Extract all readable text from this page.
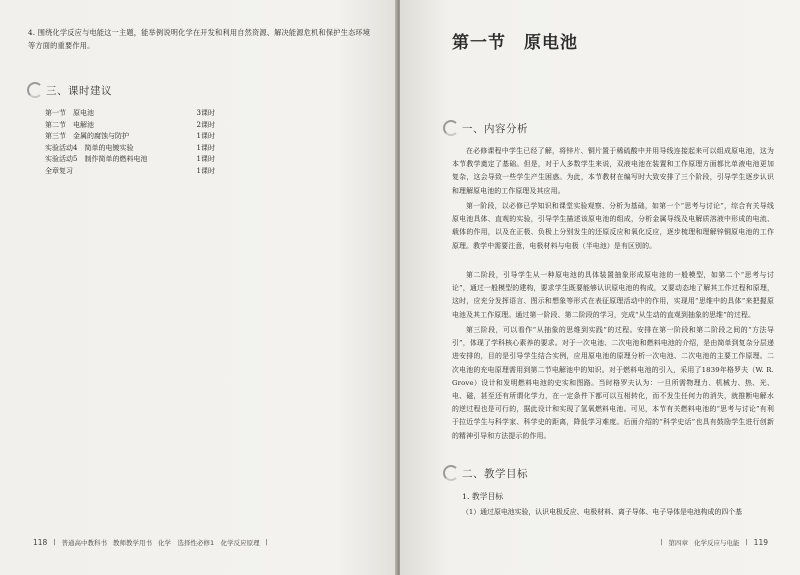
4. 围绕化学反应与电能这一主题，能举例说明化学在开发和利用自然资源、解决能源危机和保护生态环境等方面的重要作用。
三、课时建议
第一节　原电池	3课时
第二节　电解池	2课时
第三节　金属的腐蚀与防护	1课时
实验活动4　简单的电镀实验	1课时
实验活动5　制作简单的燃料电池	1课时
全章复习	1课时
118 | 普通高中教科书 教师教学用书 化学　选择性必修1　化学反应原理 |
第一节　原电池
一、内容分析
在必修课程中学生已经了解，将锌片、铜片置于稀硫酸中并用导线连接起来可以组成原电池，这为本节教学奠定了基础。但是，对于人多数学生来说，双液电池在装置和工作原理方面都比单液电池更加复杂，这会导致一些学生产生困惑。为此，本节教材在编写时大致安排了三个阶段，引导学生逐步认识和理解原电池的工作原理及其应用。
第一阶段，以必修已学知识和课堂实验观察、分析为基础，如第一个“思考与讨论”，综合有关导线原电池具体、直观的实验，引导学生描述该原电池的组成，分析金属导线及电解质溶液中形成的电流、载体的作用，以及在正极、负极上分别发生的还原反应和氧化反应，逐步梳理和理解锌铜原电池的工作原理。教学中需要注意，电极材料与电极（半电池）是有区别的。
第二阶段，引导学生从一种原电池的具体装置抽象形成原电池的一般模型，如第二个“思考与讨论”，通过一般模型的建构，要求学生既要能够认识原电池的构成，又要动态地了解其工作过程和原理，这时，应充分发挥语言、图示和想象等形式在表征原理活动中的作用，实现用“思维中的具体”来把握原电池及其工作原理。通过第一阶段、第二阶段的学习，完成“从生动的直观到抽象的思维”的过程。
第三阶段，可以看作“从抽象的思维到实践”的过程。安排在第一阶段和第二阶段之间的“方法导引”，体现了学科核心素养的要求。对于一次电池、二次电池和燃料电池的介绍，是由简单到复杂分层递进安排的，目的是引导学生结合实例，应用原电池的原理分析一次电池、二次电池的主要工作原理。二次电池的充电原理需用到第二节电解池中的知识。对于燃料电池的引入，采用了1839年格罗夫（W. R. Grove）设计和发明燃料电池的史实和图路。当时格罗夫认为：一旦所需物理力、机械力、热、光、电、磁，甚至还有所谓化学力，在一定条件下都可以互相转化，而不发生任何力的消失，就推断电解水的逆过程也是可行的，据此设计和实现了氢氧燃料电池。可见，本节有关燃料电池的“思考与讨论”有利于拉近学生与科学家、科学史的距离，降低学习难度。后面介绍的“科学史话”也具有鼓励学生进行创新的精神引导和方法提示的作用。
二、教学目标
1. 教学目标
（1）通过原电池实验，认识电极反应、电极材料、离子导体、电子导体是电池构成的四个基
| 第四章 化学反应与电能 | 119
